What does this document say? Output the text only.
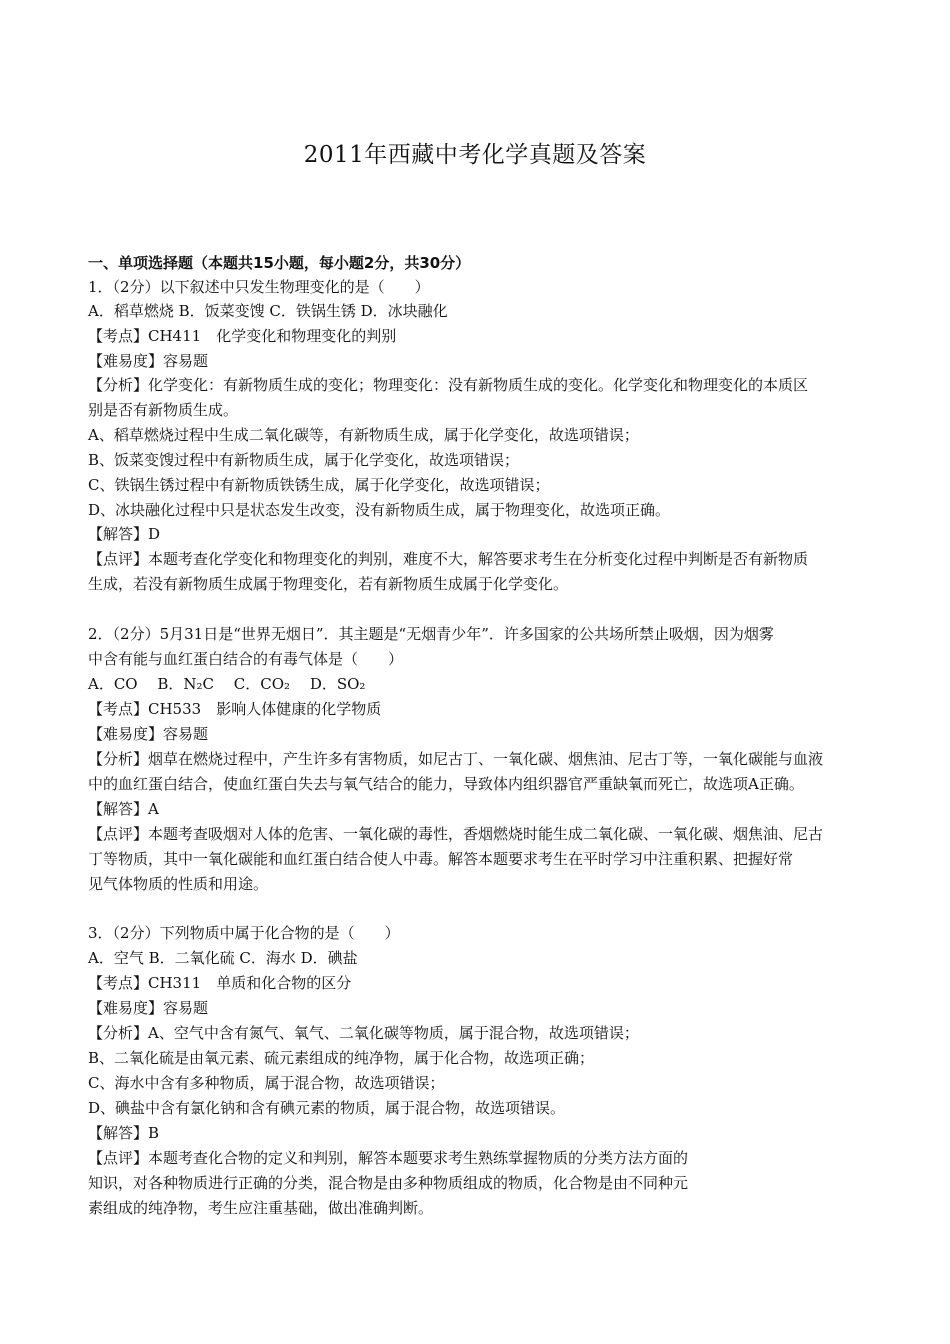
2011年西藏中考化学真题及答案
一、单项选择题（本题共15小题，每小题2分，共30分）
1．（2分）以下叙述中只发生物理变化的是（　　）
A．稻草燃烧 B．饭菜变馊 C．铁锅生锈 D．冰块融化
【考点】CH411　化学变化和物理变化的判别
【难易度】容易题
【分析】化学变化：有新物质生成的变化；物理变化：没有新物质生成的变化。化学变化和物理变化的本质区
别是否有新物质生成。
A、稻草燃烧过程中生成二氧化碳等，有新物质生成，属于化学变化，故选项错误；
B、饭菜变馊过程中有新物质生成，属于化学变化，故选项错误；
C、铁锅生锈过程中有新物质铁锈生成，属于化学变化，故选项错误；
D、冰块融化过程中只是状态发生改变，没有新物质生成，属于物理变化，故选项正确。
【解答】D
【点评】本题考查化学变化和物理变化的判别，难度不大，解答要求考生在分析变化过程中判断是否有新物质
生成，若没有新物质生成属于物理变化，若有新物质生成属于化学变化。
2．（2分）5月31日是“世界无烟日”．其主题是“无烟青少年”．许多国家的公共场所禁止吸烟，因为烟雾
中含有能与血红蛋白结合的有毒气体是（　　）
A．CO　 B．N₂C　 C．CO₂　 D．SO₂
【考点】CH533　影响人体健康的化学物质
【难易度】容易题
【分析】烟草在燃烧过程中，产生许多有害物质，如尼古丁、一氧化碳、烟焦油、尼古丁等，一氧化碳能与血液
中的血红蛋白结合，使血红蛋白失去与氧气结合的能力，导致体内组织器官严重缺氧而死亡，故选项A正确。
【解答】A
【点评】本题考查吸烟对人体的危害、一氧化碳的毒性，香烟燃烧时能生成二氧化碳、一氧化碳、烟焦油、尼古
丁等物质，其中一氧化碳能和血红蛋白结合使人中毒。解答本题要求考生在平时学习中注重积累、把握好常
见气体物质的性质和用途。
3．（2分）下列物质中属于化合物的是（　　）
A．空气 B．二氧化硫 C．海水 D．碘盐
【考点】CH311　单质和化合物的区分
【难易度】容易题
【分析】A、空气中含有氮气、氧气、二氧化碳等物质，属于混合物，故选项错误；
B、二氧化硫是由氧元素、硫元素组成的纯净物，属于化合物，故选项正确；
C、海水中含有多种物质，属于混合物，故选项错误；
D、碘盐中含有氯化钠和含有碘元素的物质，属于混合物，故选项错误。
【解答】B
【点评】本题考查化合物的定义和判别，解答本题要求考生熟练掌握物质的分类方法方面的
知识，对各种物质进行正确的分类，混合物是由多种物质组成的物质，化合物是由不同种元
素组成的纯净物，考生应注重基础，做出准确判断。
